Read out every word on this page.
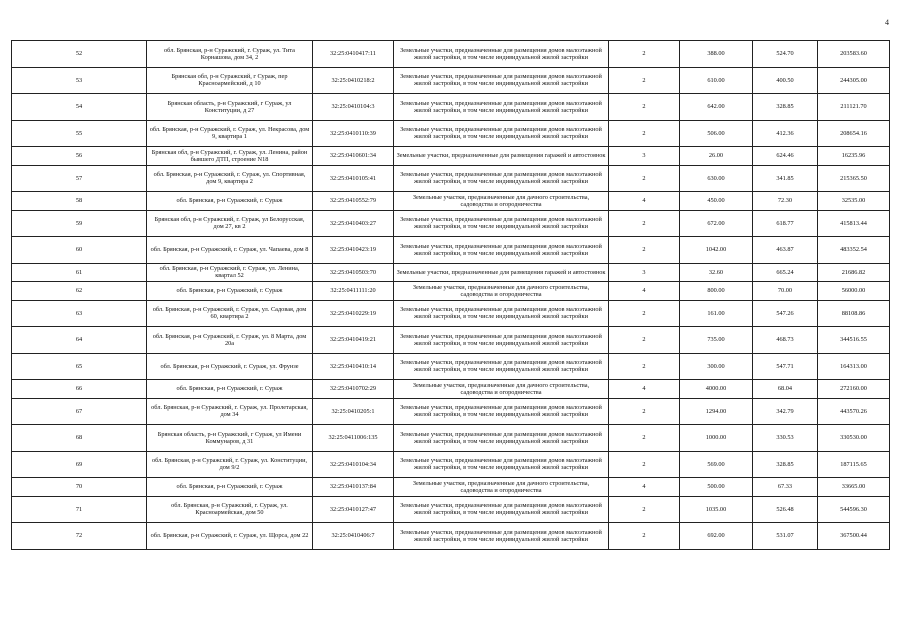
4
52	обл. Брянская, р-н Суражский, г. Сураж, ул. Тита Корнашова, дом 34, 2	32:25:0410417:11	Земельные участки, предназначенные для размещения домов малоэтажной жилой застройки, в том числе индивидуальной жилой застройки	2	388.00	524.70	203583.60
53	Брянская обл, р-н Суражский, г Сураж, пер Красноармейский, д 10	32:25:0410218:2	Земельные участки, предназначенные для размещения домов малоэтажной жилой застройки, в том числе индивидуальной жилой застройки	2	610.00	400.50	244305.00
54	Брянская область, р-н Суражский, г Сураж, ул Конституции, д 27	32:25:0410104:3	Земельные участки, предназначенные для размещения домов малоэтажной жилой застройки, в том числе индивидуальной жилой застройки	2	642.00	328.85	211121.70
55	обл. Брянская, р-н Суражский, г. Сураж, ул. Некрасова, дом 9, квартира 1	32:25:0410110:39	Земельные участки, предназначенные для размещения домов малоэтажной жилой застройки, в том числе индивидуальной жилой застройки	2	506.00	412.36	208654.16
56	Брянская обл, р-н Суражский, г. Сураж, ул. Ленина, район бывшего ДТП, строение N18	32:25:0410601:34	Земельные участки, предназначенные для размещения гаражей и автостоянок	3	26.00	624.46	16235.96
57	обл. Брянская, р-н Суражский, г. Сураж, ул. Спортивная, дом 9, квартира 2	32:25:0410105:41	Земельные участки, предназначенные для размещения домов малоэтажной жилой застройки, в том числе индивидуальной жилой застройки	2	630.00	341.85	215365.50
58	обл. Брянская, р-н Суражский, г. Сураж	32:25:0410552:79	Земельные участки, предназначенные для дачного строительства, садоводства и огородничества	4	450.00	72.30	32535.00
59	Брянская обл, р-н Суражский, г. Сураж, ул Белорусская, дом 27, кв 2	32:25:0410403:27	Земельные участки, предназначенные для размещения домов малоэтажной жилой застройки, в том числе индивидуальной жилой застройки	2	672.00	618.77	415813.44
60	обл. Брянская, р-н Суражский, г. Сураж, ул. Чапаева, дом 8	32:25:0410423:19	Земельные участки, предназначенные для размещения домов малоэтажной жилой застройки, в том числе индивидуальной жилой застройки	2	1042.00	463.87	483352.54
61	обл. Брянская, р-н Суражский, г. Сураж, ул. Ленина, квартал 52	32:25:0410503:70	Земельные участки, предназначенные для размещения гаражей и автостоянок	3	32.60	665.24	21686.82
62	обл. Брянская, р-н Суражский, г. Сураж	32:25:0411111:20	Земельные участки, предназначенные для дачного строительства, садоводства и огородничества	4	800.00	70.00	56000.00
63	обл. Брянская, р-н Суражский, г. Сураж, ул. Садовая, дом 60, квартира 2	32:25:0410229:19	Земельные участки, предназначенные для размещения домов малоэтажной жилой застройки, в том числе индивидуальной жилой застройки	2	161.00	547.26	88108.86
64	обл. Брянская, р-н Суражский, г. Сураж, ул. 8 Марта, дом 20а	32:25:0410419:21	Земельные участки, предназначенные для размещения домов малоэтажной жилой застройки, в том числе индивидуальной жилой застройки	2	735.00	468.73	344516.55
65	обл. Брянская, р-н Суражский, г. Сураж, ул. Фрунзе	32:25:0410410:14	Земельные участки, предназначенные для размещения домов малоэтажной жилой застройки, в том числе индивидуальной жилой застройки	2	300.00	547.71	164313.00
66	обл. Брянская, р-н Суражский, г. Сураж	32:25:0410702:29	Земельные участки, предназначенные для дачного строительства, садоводства и огородничества	4	4000.00	68.04	272160.00
67	обл. Брянская, р-н Суражский, г. Сураж, ул. Пролетарская, дом 34	32:25:0410205:1	Земельные участки, предназначенные для размещения домов малоэтажной жилой застройки, в том числе индивидуальной жилой застройки	2	1294.00	342.79	443570.26
68	Брянская область, р-н Суражский, г Сураж, ул Имени Коммунаров, д 31	32:25:0411006:135	Земельные участки, предназначенные для размещения домов малоэтажной жилой застройки, в том числе индивидуальной жилой застройки	2	1000.00	330.53	330530.00
69	обл. Брянская, р-н Суражский, г. Сураж, ул. Конституции, дом 9/2	32:25:0410104:34	Земельные участки, предназначенные для размещения домов малоэтажной жилой застройки, в том числе индивидуальной жилой застройки	2	569.00	328.85	187115.65
70	обл. Брянская, р-н Суражский, г. Сураж	32:25:0410137:84	Земельные участки, предназначенные для дачного строительства, садоводства и огородничества	4	500.00	67.33	33665.00
71	обл. Брянская, р-н Суражский, г. Сураж, ул. Красноармейская, дом 50	32:25:0410127:47	Земельные участки, предназначенные для размещения домов малоэтажной жилой застройки, в том числе индивидуальной жилой застройки	2	1035.00	526.48	544596.30
72	обл. Брянская, р-н Суражский, г. Сураж, ул. Щорса, дом 22	32:25:0410406:7	Земельные участки, предназначенные для размещения домов малоэтажной жилой застройки, в том числе индивидуальной жилой застройки	2	692.00	531.07	367500.44
